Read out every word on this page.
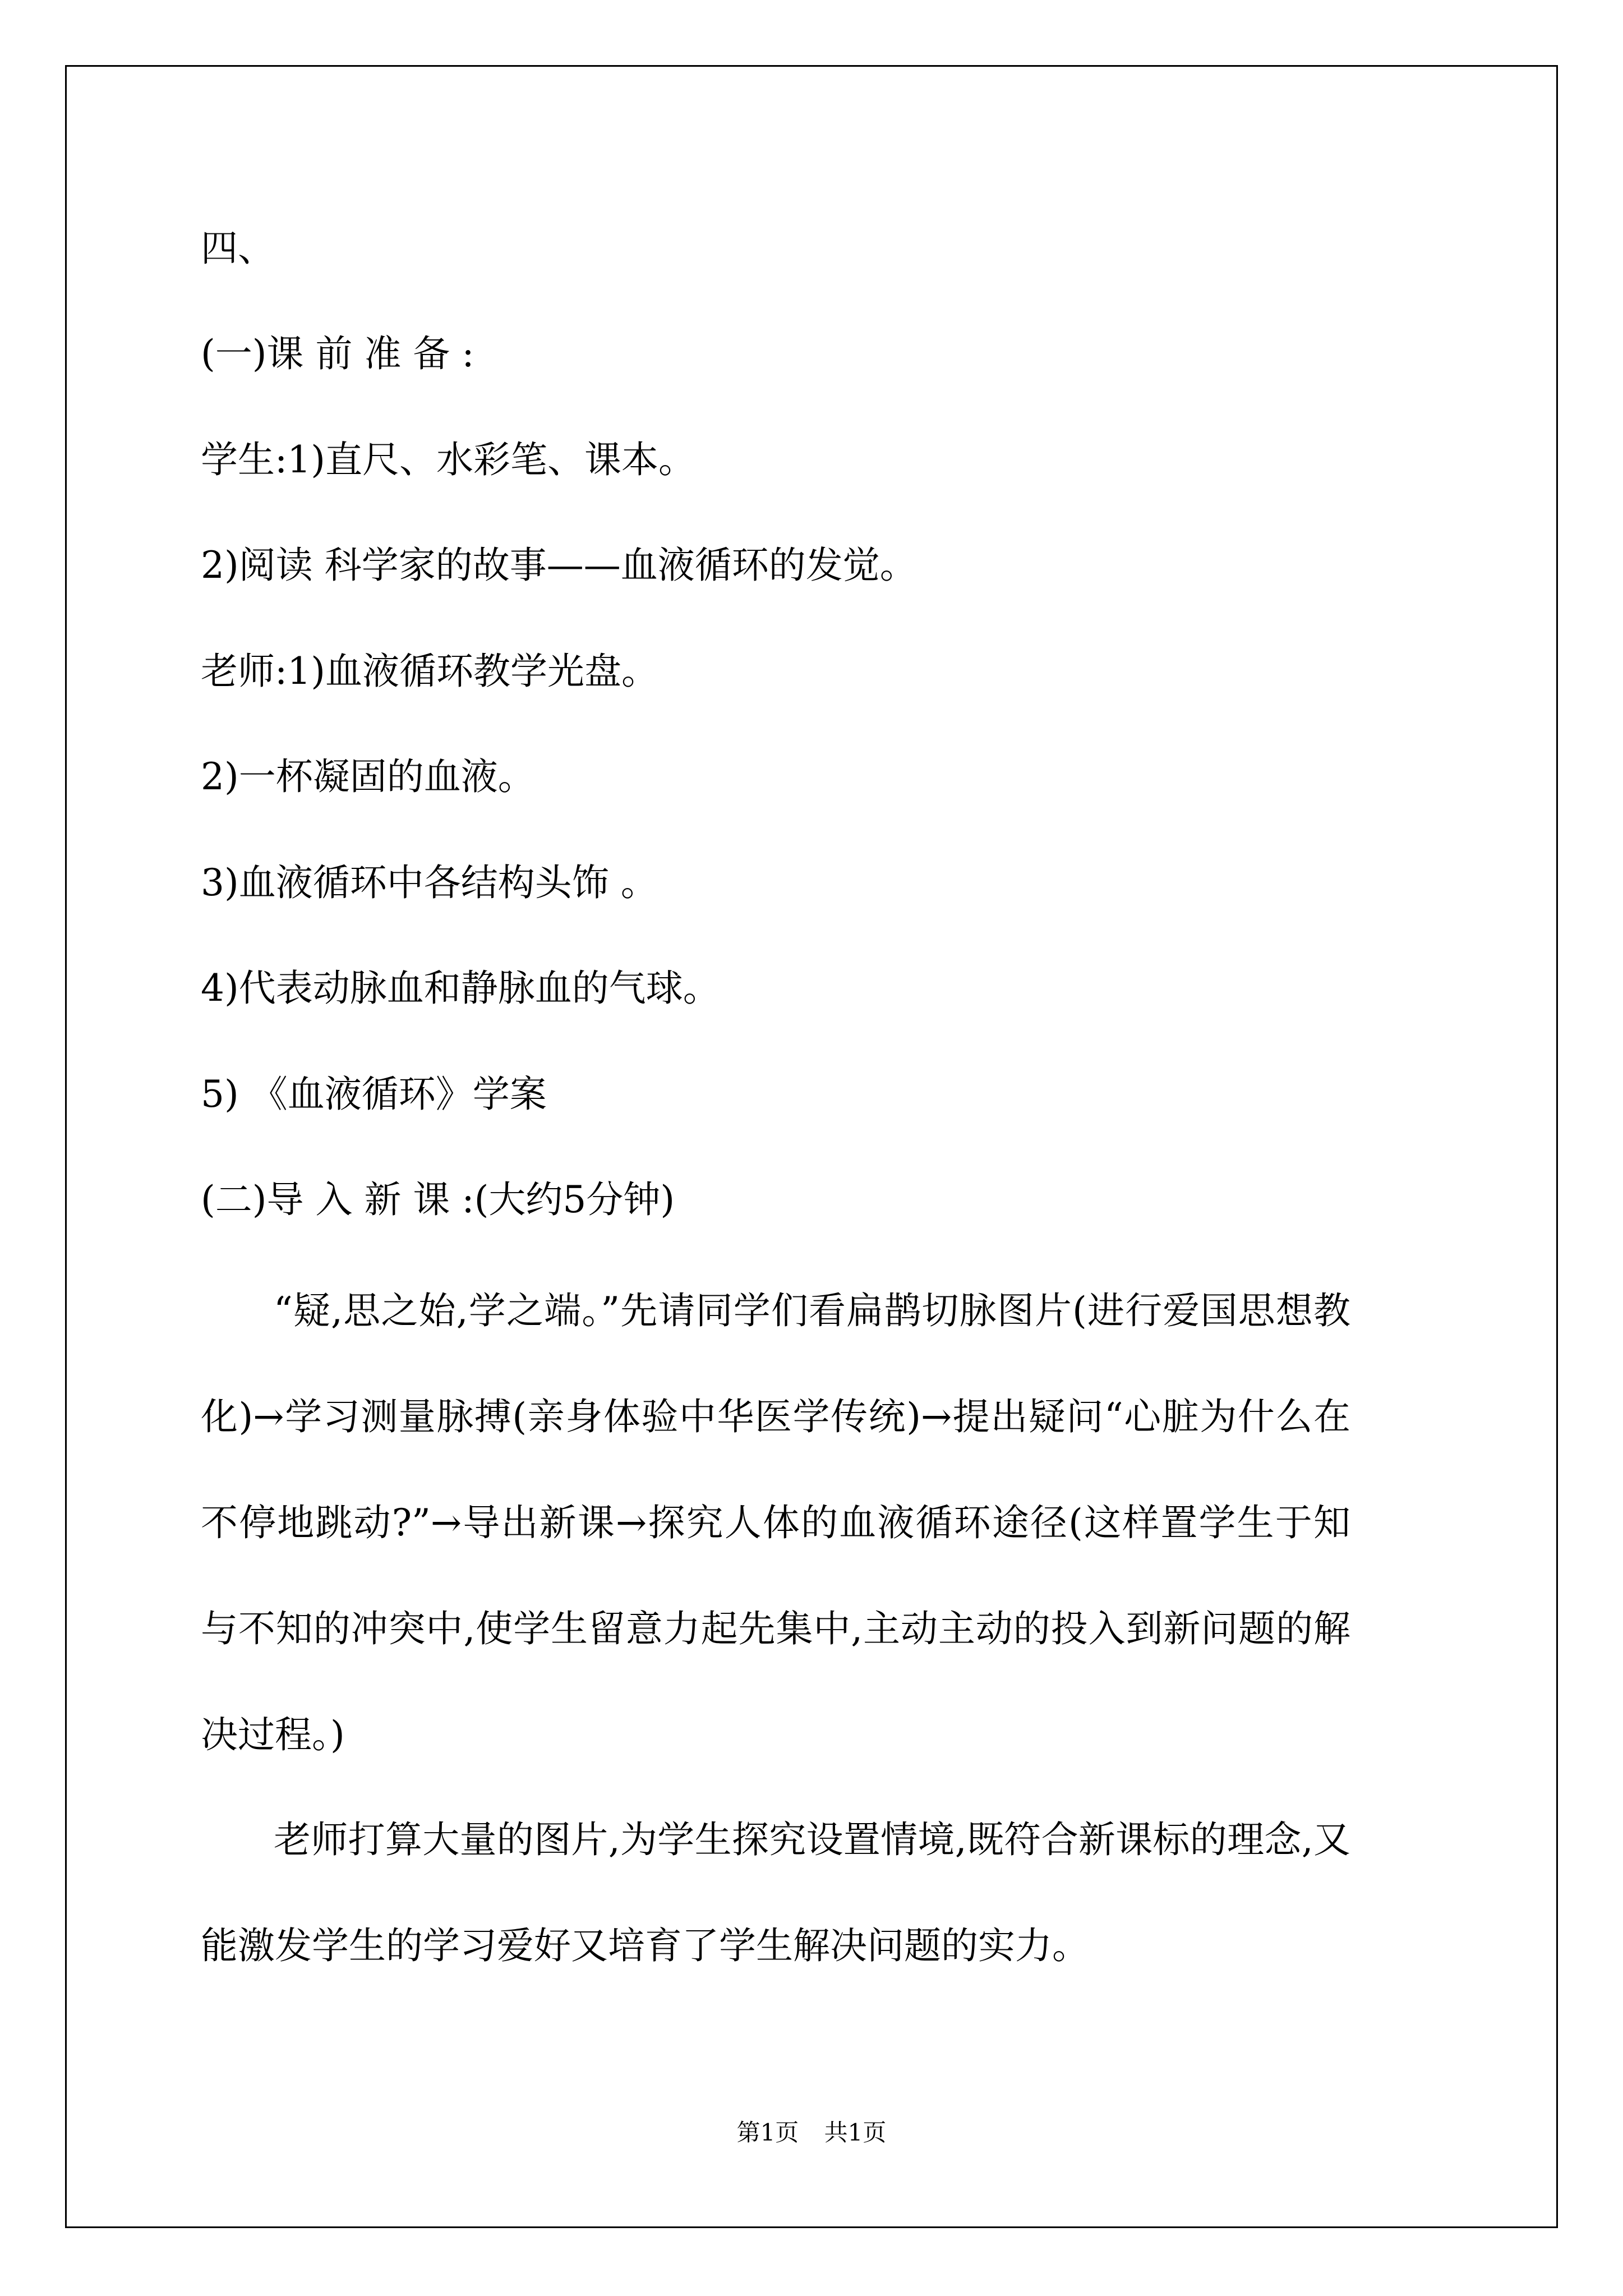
四、
(一)课 前 准 备 :
学生:1)直尺、水彩笔、课本。
2)阅读 科学家的故事——血液循环的发觉。
老师:1)血液循环教学光盘。
2)一杯凝固的血液。
3)血液循环中各结构头饰 。
4)代表动脉血和静脉血的气球。
5) 《血液循环》学案
(二)导 入 新 课 :(大约5分钟)
“疑,思之始,学之端。”先请同学们看扁鹊切脉图片(进行爱国思想教化)→学习测量脉搏(亲身体验中华医学传统)→提出疑问“心脏为什么在不停地跳动?”→导出新课→探究人体的血液循环途径(这样置学生于知与不知的冲突中,使学生留意力起先集中,主动主动的投入到新问题的解决过程。)
老师打算大量的图片,为学生探究设置情境,既符合新课标的理念,又能激发学生的学习爱好又培育了学生解决问题的实力。
第1页 共1页
